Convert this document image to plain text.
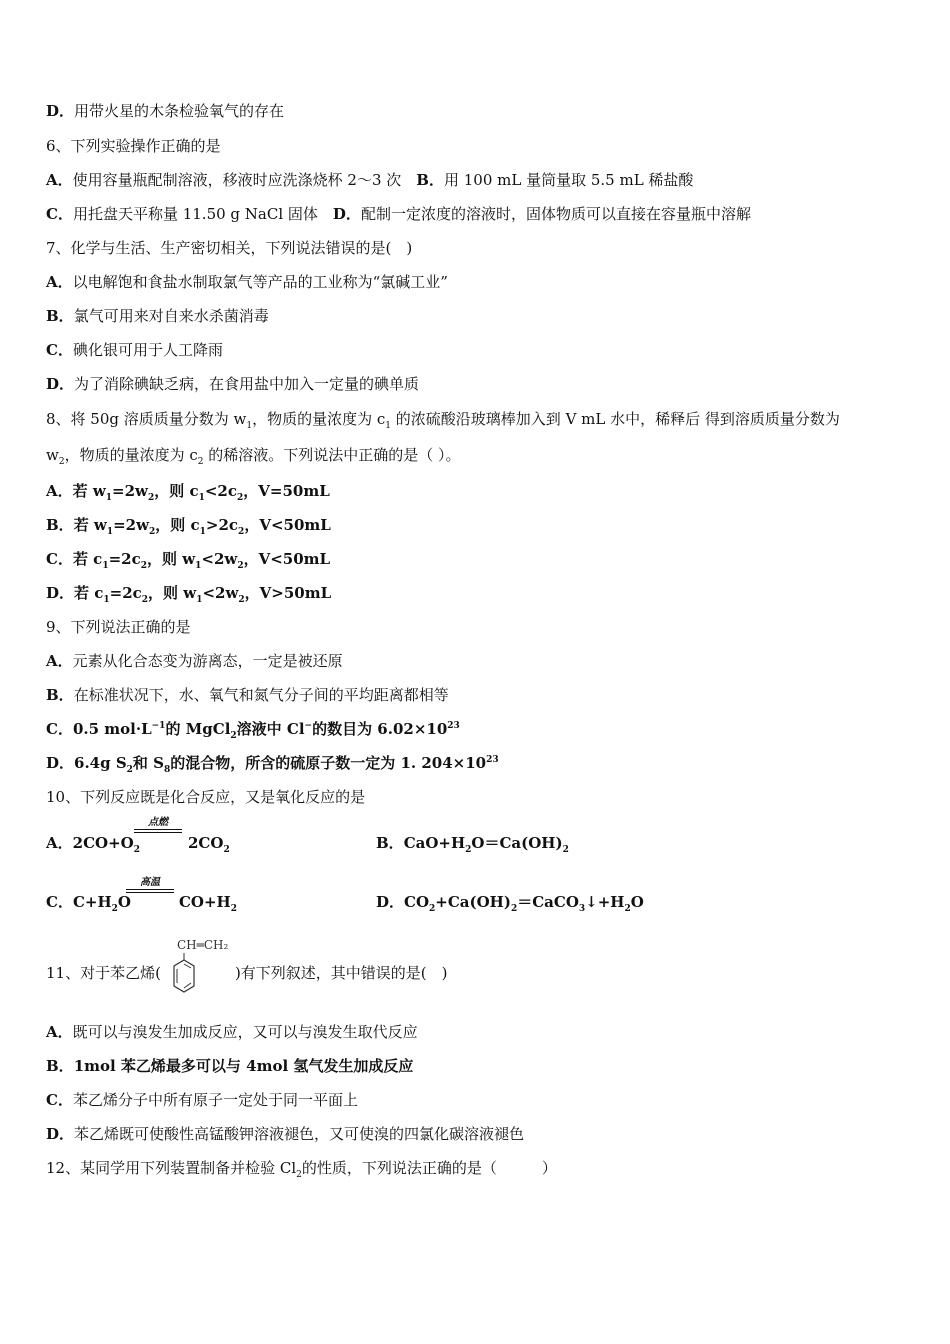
D．用带火星的木条检验氧气的存在
6、下列实验操作正确的是
A．使用容量瓶配制溶液，移液时应洗涤烧杯 2～3 次  B．用 100 mL 量筒量取 5.5 mL 稀盐酸
C．用托盘天平称量 11.50 g NaCl 固体  D．配制一定浓度的溶液时，固体物质可以直接在容量瓶中溶解
7、化学与生活、生产密切相关，下列说法错误的是(　)
A．以电解饱和食盐水制取氯气等产品的工业称为“氯碱工业”
B．氯气可用来对自来水杀菌消毒
C．碘化银可用于人工降雨
D．为了消除碘缺乏病，在食用盐中加入一定量的碘单质
8、将 50g 溶质质量分数为 $w_1$，物质的量浓度为 $c_1$ 的浓硫酸沿玻璃棒加入到 V mL 水中，稀释后 得到溶质质量分数为
$w_2$，物质的量浓度为 $c_2$ 的稀溶液。下列说法中正确的是（ ）。
A．若 $w_1=2w_2$，则 $c_1<2c_2$，V=50mL
B．若 $w_1=2w_2$，则 $c_1>2c_2$，V<50mL
C．若 $c_1=2c_2$，则 $w_1<2w_2$，V<50mL
D．若 $c_1=2c_2$，则 $w_1<2w_2$，V>50mL
9、下列说法正确的是
A．元素从化合态变为游离态，一定是被还原
B．在标准状况下，水、氧气和氮气分子间的平均距离都相等
C．0.5 $mol\cdot L^{-1}$的 MgCl$_2$溶液中 Cl−的数目为 $6.02\times 10^{23}$
D．6.4g $S_2$和 $S_8$的混合物，所含的硫原子数一定为 1. $204\times 10^{23}$
10、下列反应既是化合反应，又是氧化反应的是
A．$2CO+O_2$	$2CO_2$
点燃
B．$CaO+H_2O=Ca(OH)_2$
C．$C+H_2O$	$CO+H_2$
高温
D．$CO_2+Ca(OH)_2=CaCO_3↓+H_2O$
11、对于苯乙烯(	)有下列叙述，其中错误的是(　)
CH═CH₂
A．既可以与溴发生加成反应，又可以与溴发生取代反应
B．1mol 苯乙烯最多可以与 4mol 氢气发生加成反应
C．苯乙烯分子中所有原子一定处于同一平面上
D．苯乙烯既可使酸性高锰酸钾溶液褪色，又可使溴的四氯化碳溶液褪色
12、某同学用下列装置制备并检验 $Cl_2$的性质，下列说法正确的是（　　　）
